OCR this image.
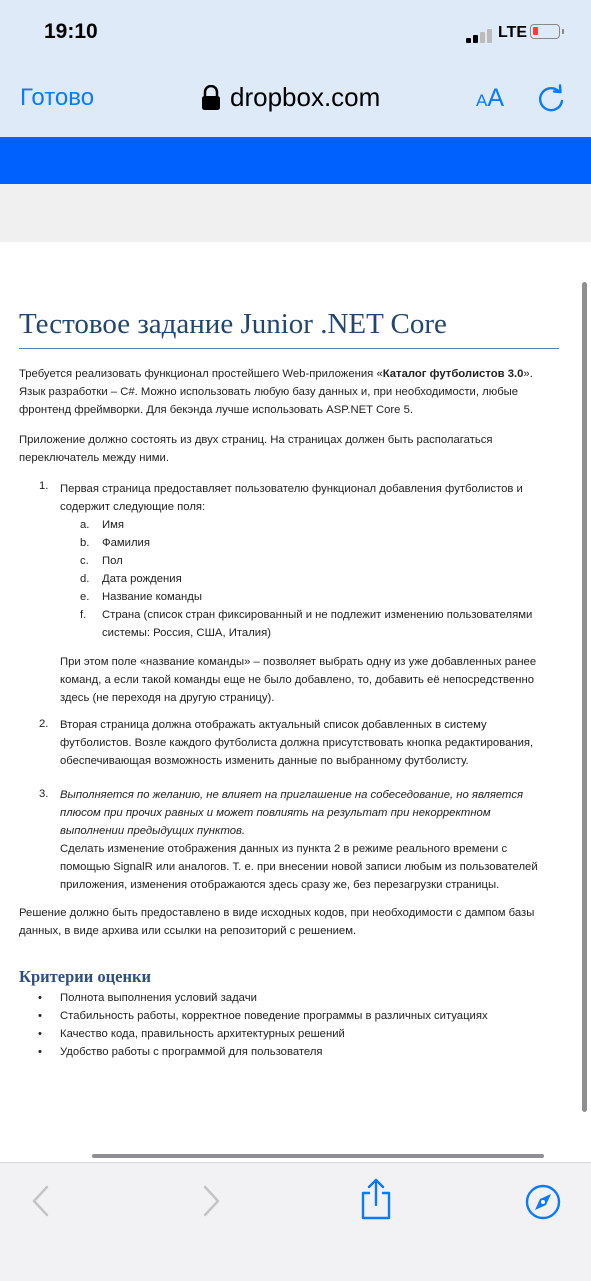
19:10	LTE
Готово	dropbox.com	AA
Тестовое задание Junior .NET Core
Требуется реализовать функционал простейшего Web-приложения «Каталог футболистов 3.0».
Язык разработки – C#. Можно использовать любую базу данных и, при необходимости, любые
фронтенд фреймворки. Для бекэнда лучше использовать ASP.NET Core 5.
Приложение должно состоять из двух страниц. На страницах должен быть располагаться
переключатель между ними.
1. Первая страница предоставляет пользователю функционал добавления футболистов и
содержит следующие поля:
a. Имя
b. Фамилия
c. Пол
d. Дата рождения
e. Название команды
f. Страна (список стран фиксированный и не подлежит изменению пользователями
системы: Россия, США, Италия)
При этом поле «название команды» – позволяет выбрать одну из уже добавленных ранее
команд, а если такой команды еще не было добавлено, то, добавить её непосредственно
здесь (не переходя на другую страницу).
2. Вторая страница должна отображать актуальный список добавленных в систему
футболистов. Возле каждого футболиста должна присутствовать кнопка редактирования,
обеспечивающая возможность изменить данные по выбранному футболисту.
3. Выполняется по желанию, не влияет на приглашение на собеседование, но является
плюсом при прочих равных и может повлиять на результат при некорректном
выполнении предыдущих пунктов.
Сделать изменение отображения данных из пункта 2 в режиме реального времени с
помощью SignalR или аналогов. Т. е. при внесении новой записи любым из пользователей
приложения, изменения отображаются здесь сразу же, без перезагрузки страницы.
Решение должно быть предоставлено в виде исходных кодов, при необходимости с дампом базы
данных, в виде архива или ссылки на репозиторий с решением.
Критерии оценки
• Полнота выполнения условий задачи
• Стабильность работы, корректное поведение программы в различных ситуациях
• Качество кода, правильность архитектурных решений
• Удобство работы с программой для пользователя
